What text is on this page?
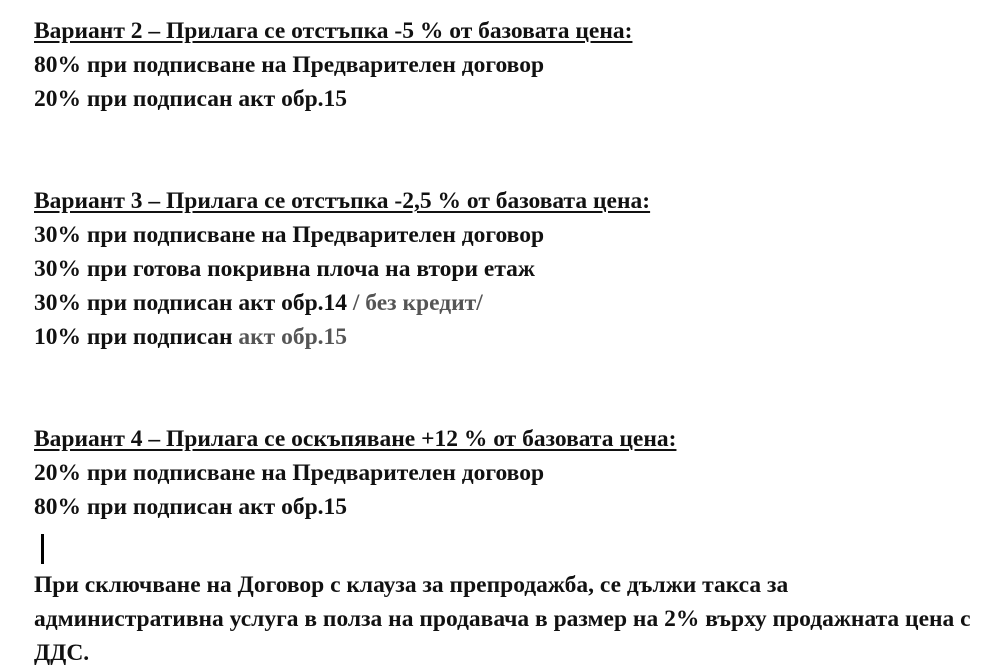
Вариант 2 – Прилага се отстъпка -5 % от базовата цена:

80% при подписване на Предварителен договор

20% при подписан акт обр.15

Вариант 3 – Прилага се отстъпка -2,5 % от базовата цена:

30% при подписване на Предварителен договор

30% при готова покривна плоча на втори етаж

30% при подписан акт обр.14 / без кредит/

10% при подписан акт обр.15

Вариант 4 – Прилага се оскъпяване +12 % от базовата цена:

20% при подписване на Предварителен договор

80% при подписан акт обр.15

При сключване на Договор с клауза за препродажба, се дължи такса за административна услуга в полза на продавача в размер на 2% върху продажната цена с ДДС.
